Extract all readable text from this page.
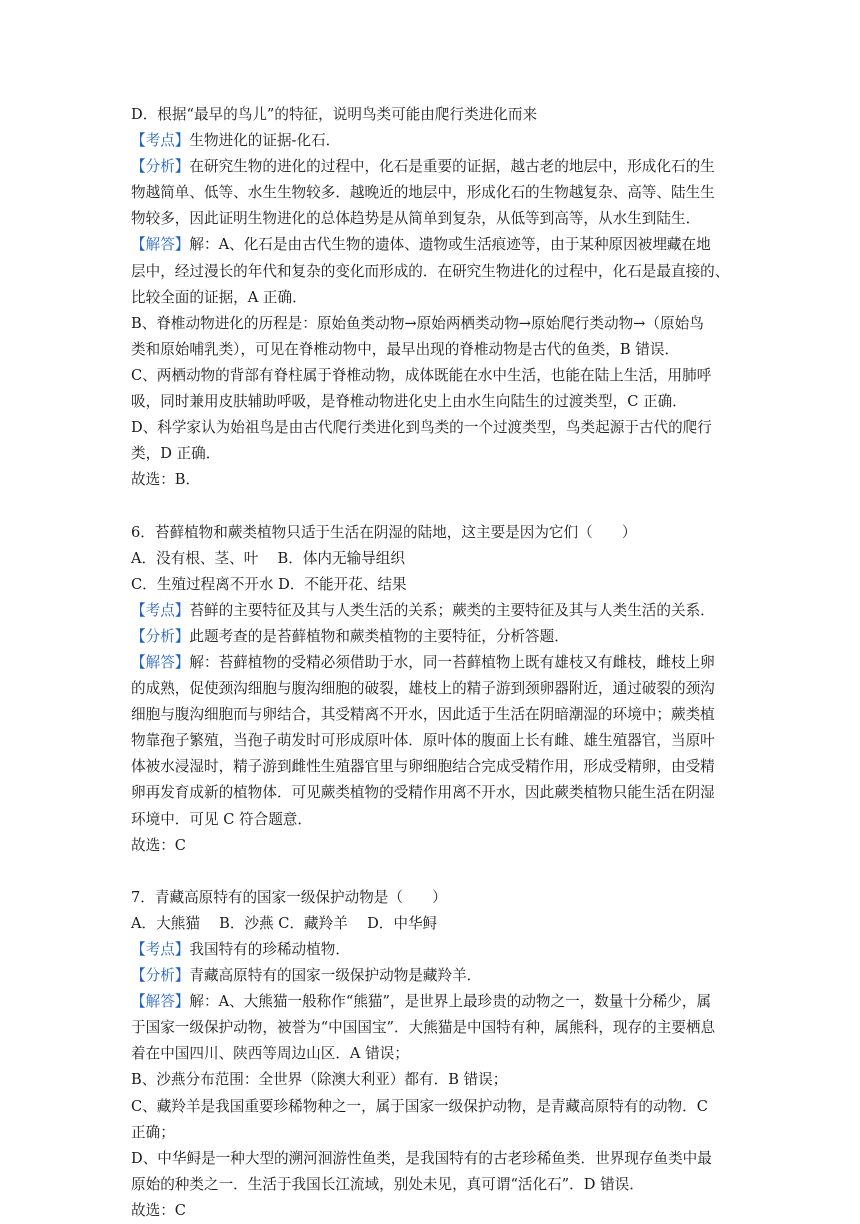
D．根据“最早的鸟儿”的特征，说明鸟类可能由爬行类进化而来
【考点】生物进化的证据-化石．
【分析】在研究生物的进化的过程中，化石是重要的证据，越古老的地层中，形成化石的生
物越简单、低等、水生生物较多．越晚近的地层中，形成化石的生物越复杂、高等、陆生生
物较多，因此证明生物进化的总体趋势是从简单到复杂，从低等到高等，从水生到陆生．
【解答】解：A、化石是由古代生物的遗体、遗物或生活痕迹等，由于某种原因被埋藏在地
层中，经过漫长的年代和复杂的变化而形成的．在研究生物进化的过程中，化石是最直接的、
比较全面的证据，A 正确．
B、脊椎动物进化的历程是：原始鱼类动物→原始两栖类动物→原始爬行类动物→（原始鸟
类和原始哺乳类），可见在脊椎动物中，最早出现的脊椎动物是古代的鱼类，B 错误．
C、两栖动物的背部有脊柱属于脊椎动物，成体既能在水中生活，也能在陆上生活，用肺呼
吸，同时兼用皮肤辅助呼吸，是脊椎动物进化史上由水生向陆生的过渡类型，C 正确．
D、科学家认为始祖鸟是由古代爬行类进化到鸟类的一个过渡类型，鸟类起源于古代的爬行
类，D 正确．
故选：B．
6．苔藓植物和蕨类植物只适于生活在阴湿的陆地，这主要是因为它们（　　）
A．没有根、茎、叶　 B．体内无输导组织
C．生殖过程离不开水 D．不能开花、结果
【考点】苔鲜的主要特征及其与人类生活的关系；蕨类的主要特征及其与人类生活的关系．
【分析】此题考查的是苔藓植物和蕨类植物的主要特征，分析答题．
【解答】解：苔藓植物的受精必须借助于水，同一苔藓植物上既有雄枝又有雌枝，雌枝上卵
的成熟，促使颈沟细胞与腹沟细胞的破裂，雄枝上的精子游到颈卵器附近，通过破裂的颈沟
细胞与腹沟细胞而与卵结合，其受精离不开水，因此适于生活在阴暗潮湿的环境中；蕨类植
物靠孢子繁殖，当孢子萌发时可形成原叶体．原叶体的腹面上长有雌、雄生殖器官，当原叶
体被水浸湿时，精子游到雌性生殖器官里与卵细胞结合完成受精作用，形成受精卵，由受精
卵再发育成新的植物体．可见蕨类植物的受精作用离不开水，因此蕨类植物只能生活在阴湿
环境中．可见 C 符合题意．
故选：C
7．青藏高原特有的国家一级保护动物是（　　）
A．大熊猫　 B．沙燕 C．藏羚羊　 D．中华鲟
【考点】我国特有的珍稀动植物．
【分析】青藏高原特有的国家一级保护动物是藏羚羊．
【解答】解：A、大熊猫一般称作“熊猫”，是世界上最珍贵的动物之一，数量十分稀少，属
于国家一级保护动物，被誉为“中国国宝”．大熊猫是中国特有种，属熊科，现存的主要栖息
着在中国四川、陕西等周边山区．A 错误；
B、沙燕分布范围：全世界（除澳大利亚）都有．B 错误；
C、藏羚羊是我国重要珍稀物种之一，属于国家一级保护动物，是青藏高原特有的动物．C
正确；
D、中华鲟是一种大型的溯河洄游性鱼类，是我国特有的古老珍稀鱼类．世界现存鱼类中最
原始的种类之一．生活于我国长江流域，别处未见，真可谓“活化石”．D 错误．
故选：C
